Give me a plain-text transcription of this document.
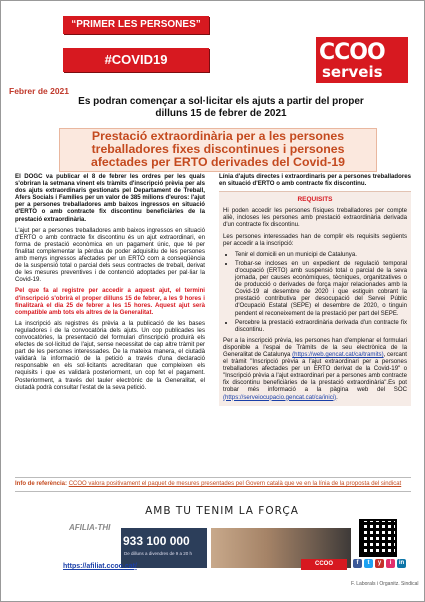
“PRIMER LES PERSONES”
#COVID19	CCOO
serveis
Febrer de 2021
Es podran començar a sol·licitar els ajuts a partir del proper dilluns 15 de febrer de 2021
Prestació extraordinària per a les persones treballadores fixes discontinues i persones afectades per ERTO derivades del Covid-19

El DOGC va publicar el 8 de febrer les ordres per les quals s'obriran la setmana vinent els tràmits d'inscripció prèvia per als dos ajuts extraordinaris gestionats pel Departament de Treball, Afers Socials i Famílies per un valor de 385 milions d'euros: l'ajut per a persones treballadores amb baixos ingressos en situació d'ERTO o amb contracte fix discontinu beneficiàries de la prestació extraordinària.

L'ajut per a persones treballadores amb baixos ingressos en situació d'ERTO o amb contracte fix discontinu és un ajut extraordinari, en forma de prestació econòmica en un pagament únic, que té per finalitat complementar la pèrdua de poder adquisitiu de les persones amb menys ingressos afectades per un ERTO com a conseqüència de la suspensió total o parcial dels seus contractes de treball, derivat de les mesures preventives i de contenció adoptades per pal·liar la Covid-19.

Pel que fa al registre per accedir a aquest ajut, el termini d'inscripció s'obrirà el proper dilluns 15 de febrer, a les 9 hores i finalitzarà el dia 25 de febrer a les 15 hores. Aquest ajut serà compatible amb tots els altres de la Generalitat.

La inscripció als registres és prèvia a la publicació de les bases reguladores i de la convocatòria dels ajuts. Un cop publicades les convocatòries, la presentació del formulari d'inscripció produirà els efectes de sol·licitud de l'ajut, sense necessitat de cap altre tràmit per part de les persones interessades. De la mateixa manera, el ciutadà validarà la informació de la petició a través d'una declaració responsable en els sol·licitants acreditaran que compleixen els requisits i que es validarà posteriorment, un cop fet el pagament. Posteriorment, a través del tauler electrònic de la Generalitat, el ciutadà podrà consultar l'estat de la seva petició.

Línia d'ajuts directes i extraordinaris per a persones treballadores en situació d'ERTO o amb contracte fix discontinu.

REQUISITS

Hi poden accedir les persones físiques treballadores per compte aliè, incloses les persones amb prestació extraordinària derivada d'un contracte fix discontinu.

Les persones interessades han de complir els requisits següents per accedir a la inscripció:

• Tenir el domicili en un municipi de Catalunya.
• Trobar-se incloses en un expedient de regulació temporal d'ocupació (ERTO) amb suspensió total o parcial de la seva jornada, per causes econòmiques, tècniques, organitzatives o de producció o derivades de força major relacionades amb la Covid-19 al desembre de 2020 i que estiguin cobrant la prestació contributiva per desocupació del Servei Públic d'Ocupació Estatal (SEPE) el desembre de 2020, o tinguin pendent el reconeixement de la prestació per part del SEPE.
• Percebre la prestació extraordinària derivada d'un contracte fix discontinu.

Per a la inscripció prèvia, les persones han d'emplenar el formulari disponible a l'espai de Tràmits de la seu electrònica de la Generalitat de Catalunya (https://web.gencat.cat/ca/tramits), cercant el tràmit "Inscripció prèvia a l'ajut extraordinari per a persones treballadores afectades per un ERTO derivat de la Covid-19" o "Inscripció prèvia a l'ajut extraordinari per a persones amb contracte fix discontinu beneficiàries de la prestació extraordinària".Es pot trobar més informació a la pàgina web del SOC (https://serveiocupacio.gencat.cat/ca/inici).

Info de referència: CCOO valora positivament el paquet de mesures presentades pel Govern català que ve en la línia de la proposta del sindicat
AMB TU TENIM LA FORÇA
AFILIA-THI
933 100 000
De dilluns a divendres de 9 a 20 h
CCOO
https://afiliat.ccoo.cat/
https://consulta.ccoo.cat
f	t	y	i	in
F. Laborals i Organitz. Sindical
